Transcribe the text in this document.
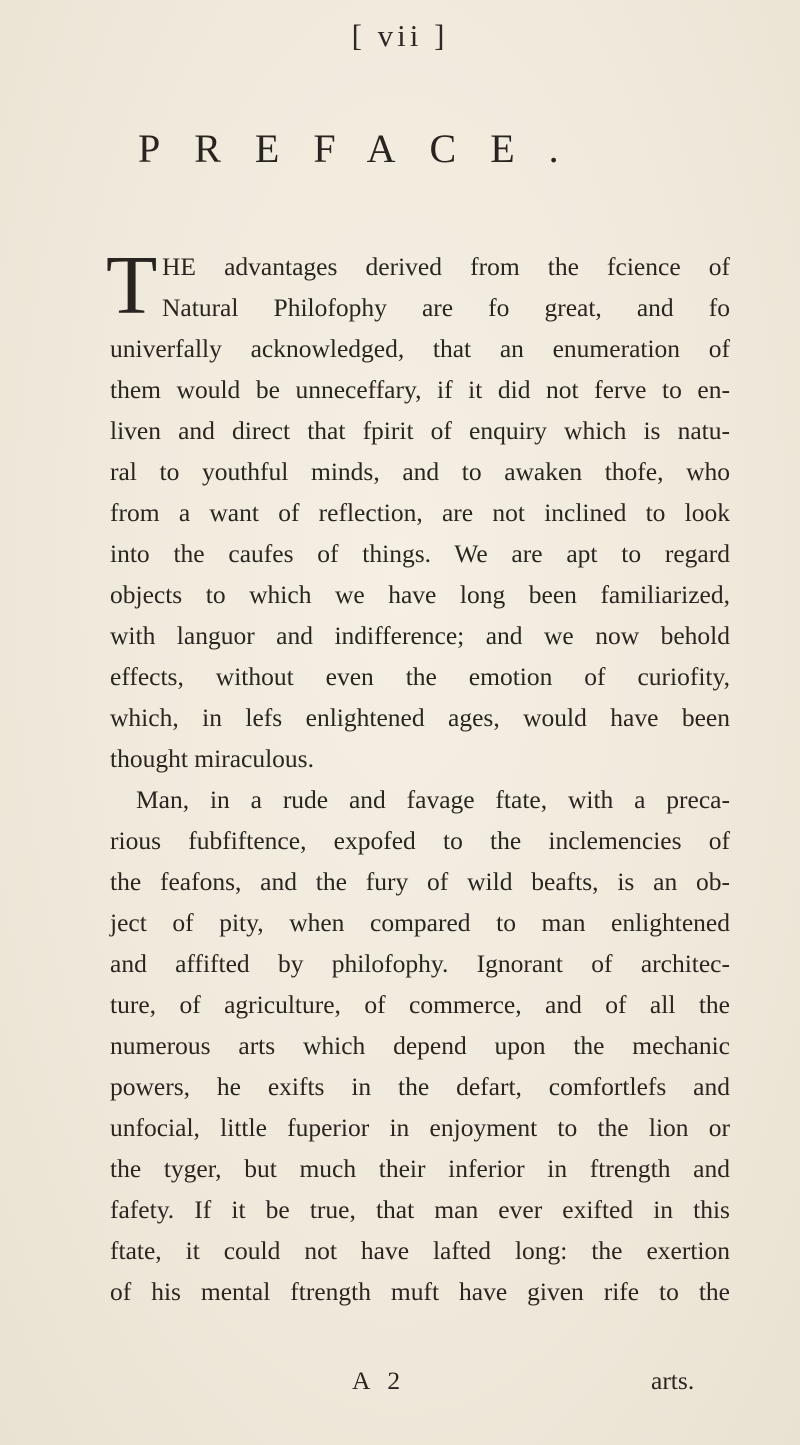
[ vii ]
PREFACE.
T HE advantages derived from the fcience of
Natural Philofophy are fo great, and fo
univerfally acknowledged, that an enumeration of
them would be unneceffary, if it did not ferve to en-
liven and direct that fpirit of enquiry which is natu-
ral to youthful minds, and to awaken thofe, who
from a want of reflection, are not inclined to look
into the caufes of things. We are apt to regard
objects to which we have long been familiarized,
with languor and indifference; and we now behold
effects, without even the emotion of curiofity,
which, in lefs enlightened ages, would have been
thought miraculous.
Man, in a rude and favage ftate, with a preca-
rious fubfiftence, expofed to the inclemencies of
the feafons, and the fury of wild beafts, is an ob-
ject of pity, when compared to man enlightened
and affifted by philofophy. Ignorant of architec-
ture, of agriculture, of commerce, and of all the
numerous arts which depend upon the mechanic
powers, he exifts in the defart, comfortlefs and
unfocial, little fuperior in enjoyment to the lion or
the tyger, but much their inferior in ftrength and
fafety. If it be true, that man ever exifted in this
ftate, it could not have lafted long: the exertion
of his mental ftrength muft have given rife to the
A 2	arts.
